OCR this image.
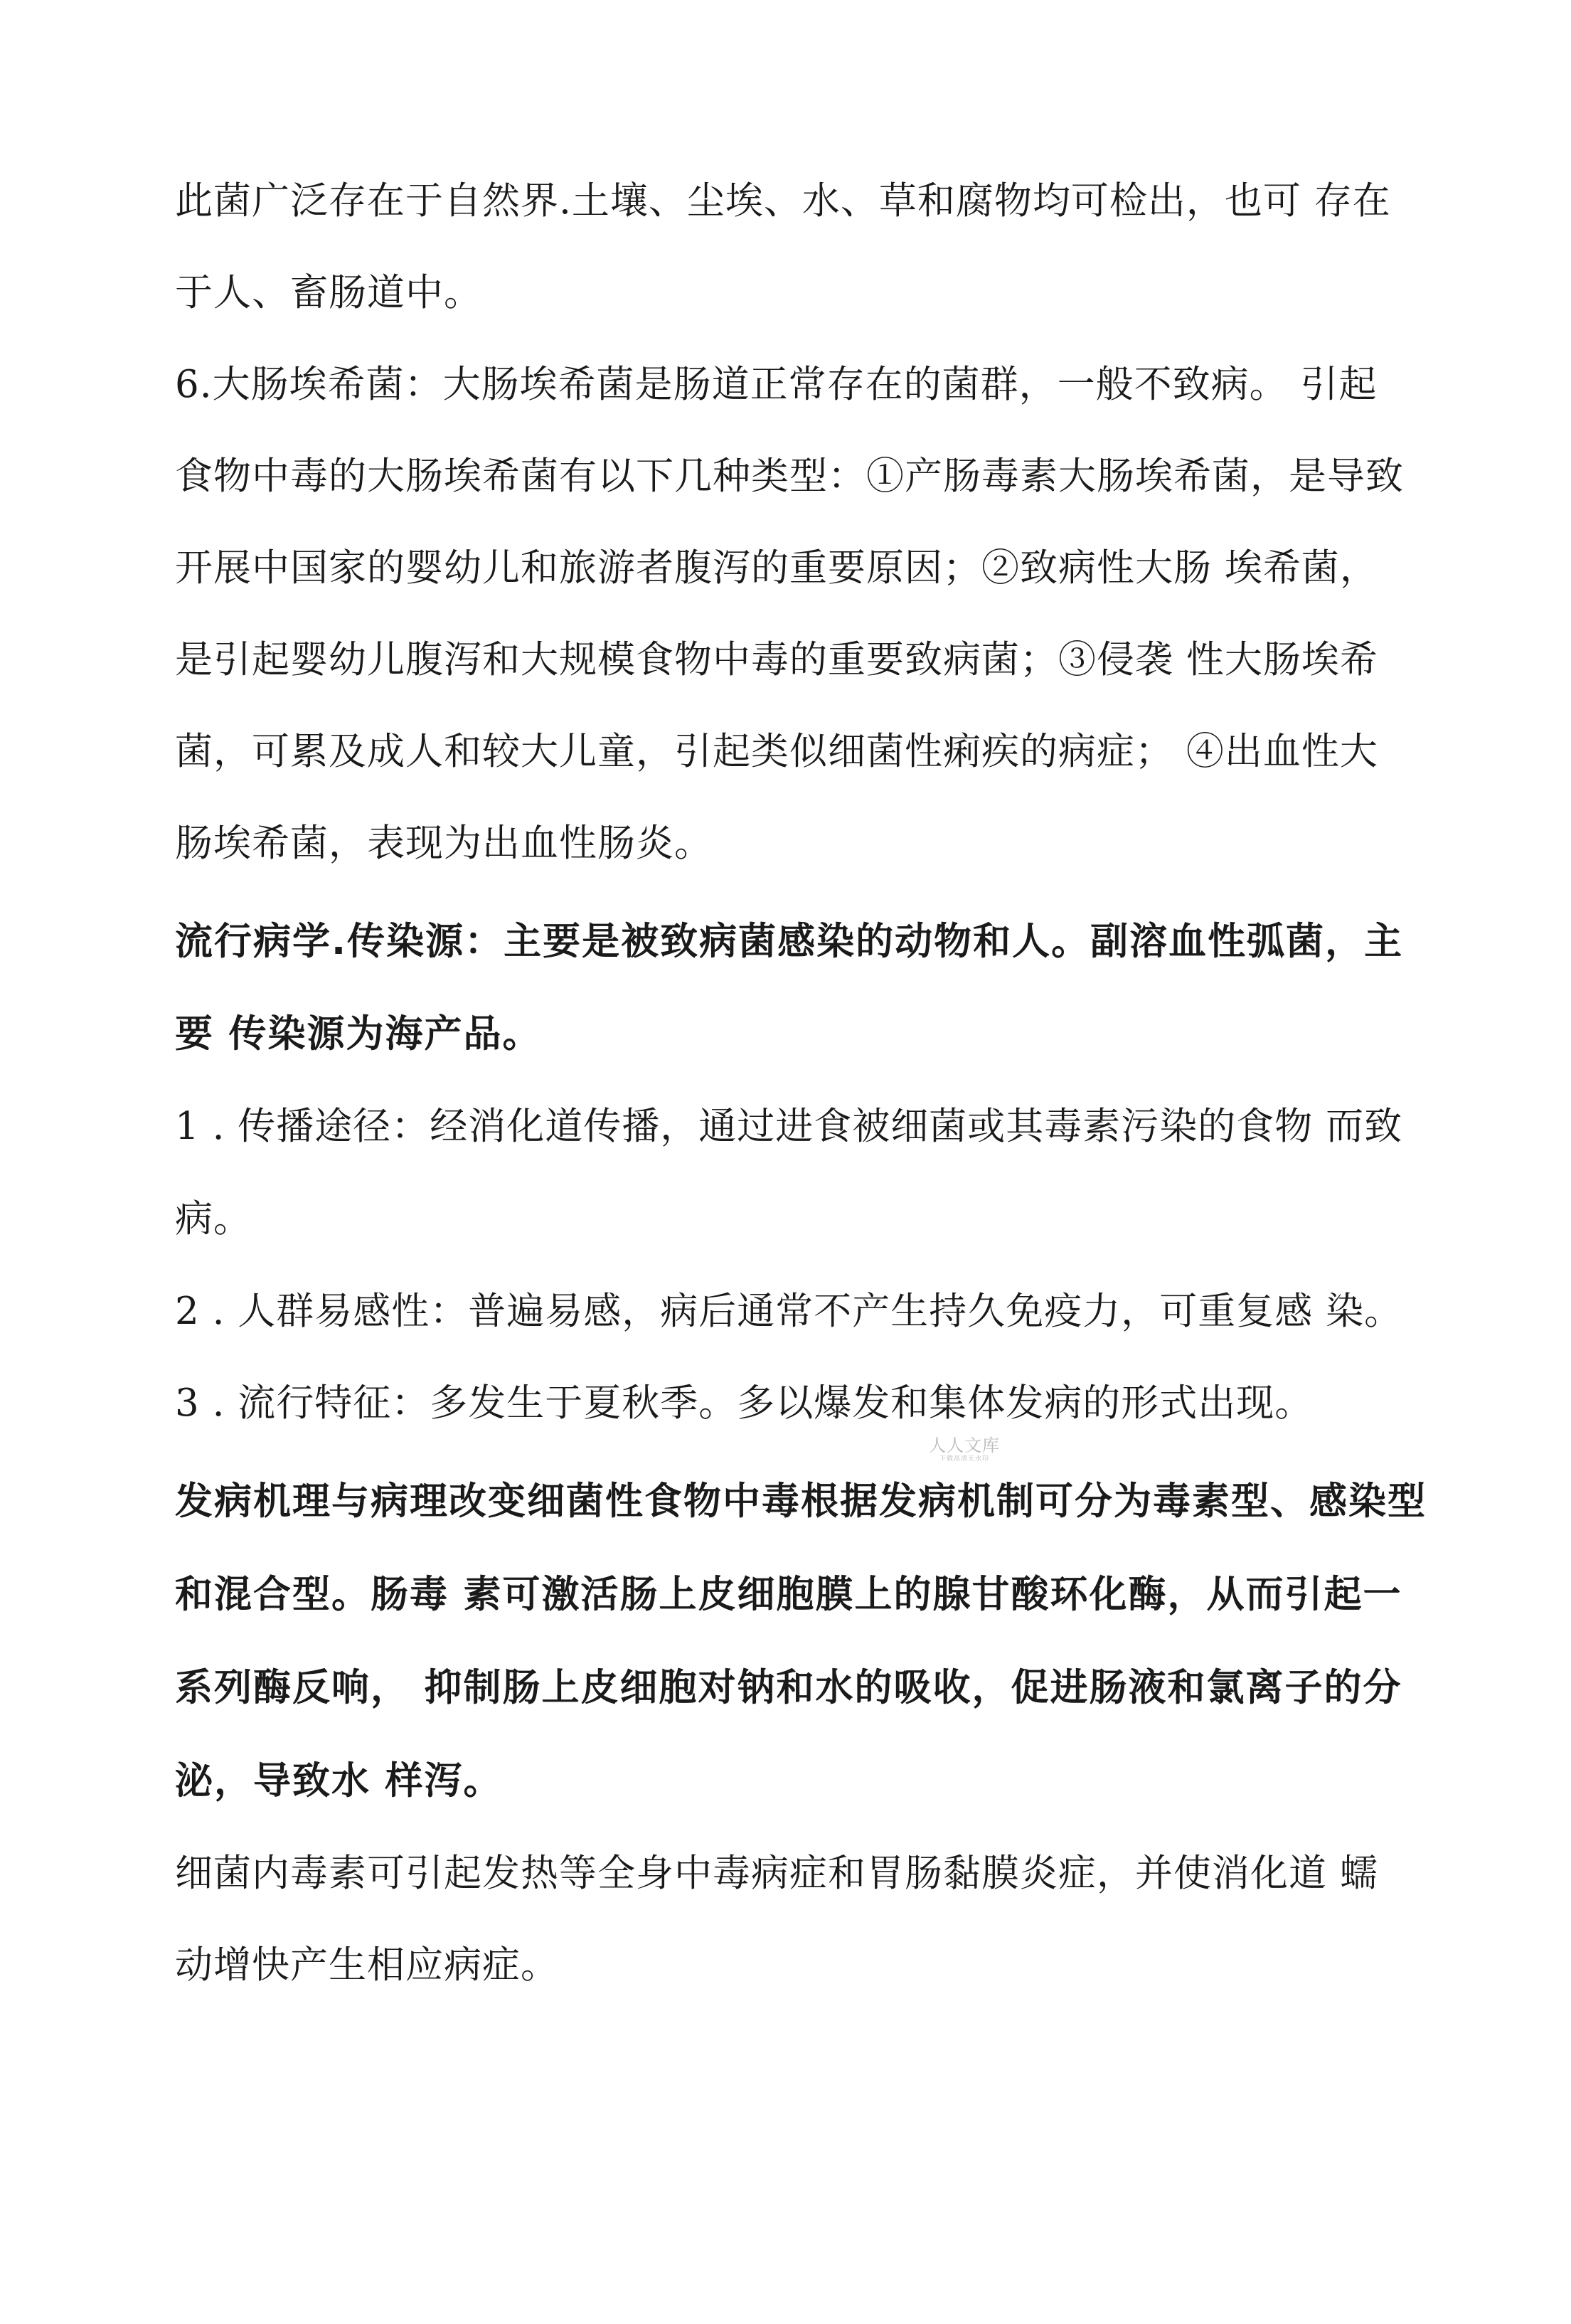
此菌广泛存在于自然界.土壤、尘埃、水、草和腐物均可检出，也可 存在
于人、畜肠道中。
6.大肠埃希菌：大肠埃希菌是肠道正常存在的菌群，一般不致病。 引起
食物中毒的大肠埃希菌有以下几种类型：①产肠毒素大肠埃希菌，是导致
开展中国家的婴幼儿和旅游者腹泻的重要原因；②致病性大肠 埃希菌，
是引起婴幼儿腹泻和大规模食物中毒的重要致病菌；③侵袭 性大肠埃希
菌，可累及成人和较大儿童，引起类似细菌性痢疾的病症； ④出血性大
肠埃希菌，表现为出血性肠炎。
流行病学.传染源：主要是被致病菌感染的动物和人。副溶血性弧菌，主
要 传染源为海产品。
1 . 传播途径：经消化道传播，通过进食被细菌或其毒素污染的食物 而致
病。
2 . 人群易感性：普遍易感，病后通常不产生持久免疫力，可重复感 染。
3 . 流行特征：多发生于夏秋季。多以爆发和集体发病的形式出现。
发病机理与病理改变细菌性食物中毒根据发病机制可分为毒素型、感染型
和混合型。肠毒 素可激活肠上皮细胞膜上的腺甘酸环化酶，从而引起一
系列酶反响， 抑制肠上皮细胞对钠和水的吸收，促进肠液和氯离子的分
泌，导致水 样泻。
细菌内毒素可引起发热等全身中毒病症和胃肠黏膜炎症，并使消化道 蠕
动增快产生相应病症。
人人文库
下载高清无水印
